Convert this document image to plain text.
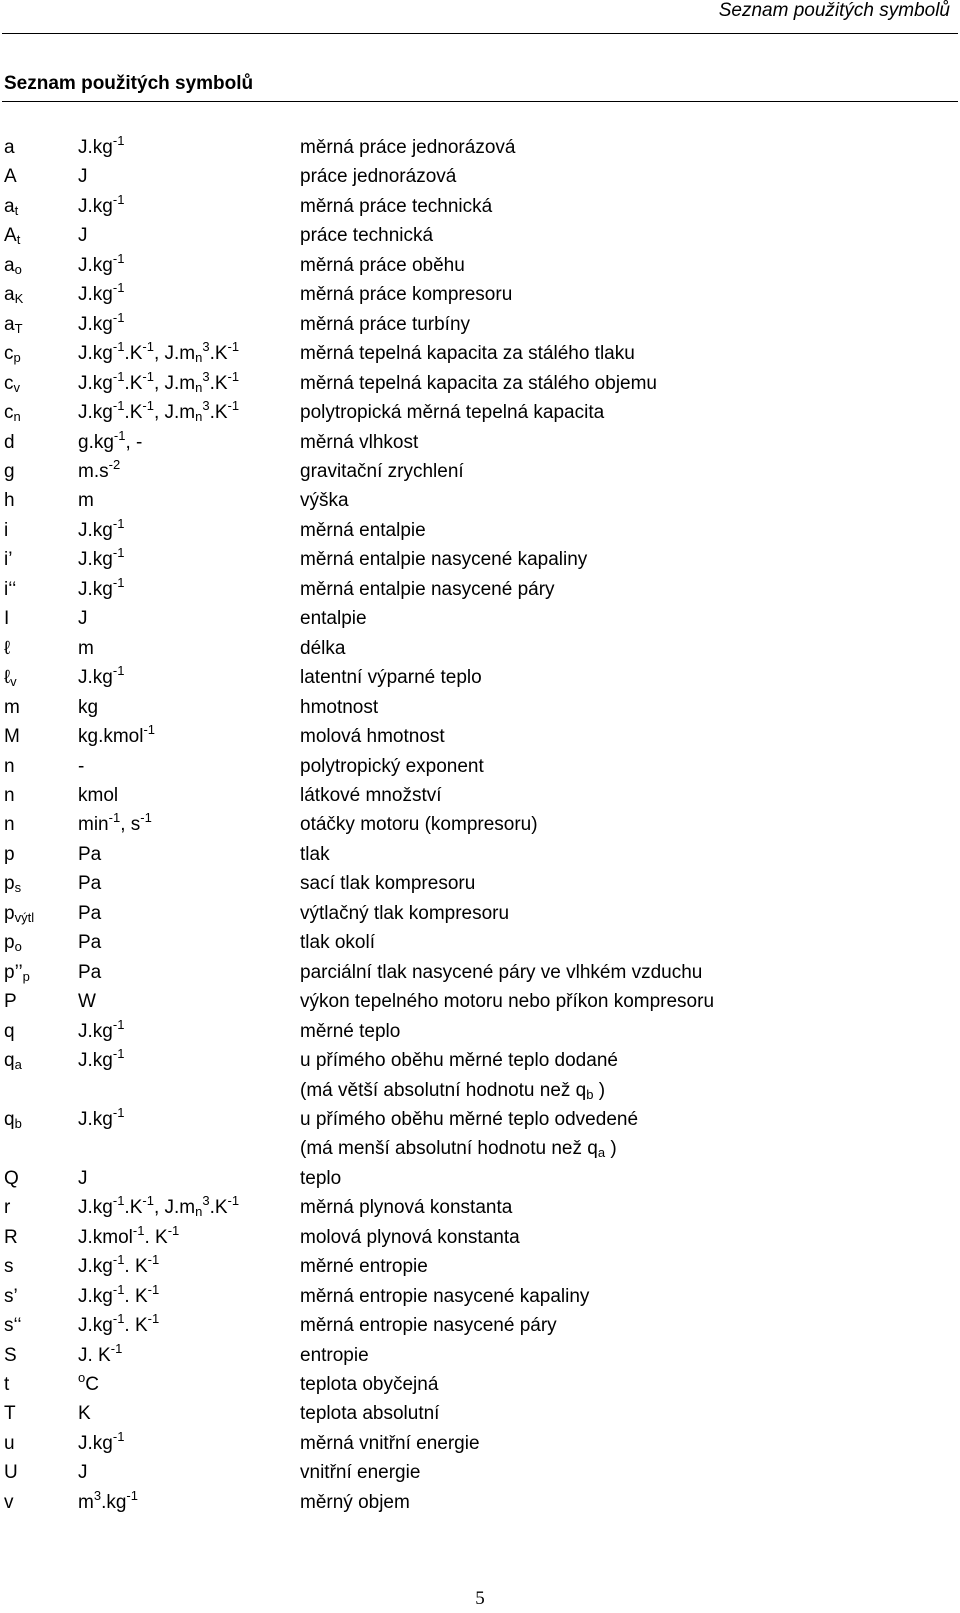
Seznam použitých symbolů
Seznam použitých symbolů
a	$J.kg^{-1}$	měrná práce jednorázová
A	J	práce jednorázová
$a_t$	$J.kg^{-1}$	měrná práce technická
$A_t$	J	práce technická
$a_o$	$J.kg^{-1}$	měrná práce oběhu
$a_K$	$J.kg^{-1}$	měrná práce kompresoru
$a_T$	$J.kg^{-1}$	měrná práce turbíny
$c_p$	$J.kg^{-1}.K^{-1}$, $J.m_n^3.K^{-1}$	měrná tepelná kapacita za stálého tlaku
$c_v$	$J.kg^{-1}.K^{-1}$, $J.m_n^3.K^{-1}$	měrná tepelná kapacita za stálého objemu
$c_n$	$J.kg^{-1}.K^{-1}$, $J.m_n^3.K^{-1}$	polytropická měrná tepelná kapacita
d	$g.kg^{-1}$, -	měrná vlhkost
g	$m.s^{-2}$	gravitační zrychlení
h	m	výška
i	$J.kg^{-1}$	měrná entalpie
i’	$J.kg^{-1}$	měrná entalpie nasycené kapaliny
i‘‘	$J.kg^{-1}$	měrná entalpie nasycené páry
I	J	entalpie
ℓ	m	délka
ℓ$_v$	$J.kg^{-1}$	latentní výparné teplo
m	kg	hmotnost
M	kg.kmol$^{-1}$	molová hmotnost
n	-	polytropický exponent
n	kmol	látkové množství
n	$\min^{-1}$, $s^{-1}$	otáčky motoru (kompresoru)
p	Pa	tlak
$p_s$	Pa	sací tlak kompresoru
$p_{výtl}$ Pa	výtlačný tlak kompresoru
$p_o$	Pa	tlak okolí
$p’’_p$	Pa	parciální tlak nasycené páry ve vlhkém vzduchu
P	W	výkon tepelného motoru nebo příkon kompresoru
q	$J.kg^{-1}$	měrné teplo
$q_a$	$J.kg^{-1}$	u přímého oběhu měrné teplo dodané
(má větší absolutní hodnotu než $q_b$ )
$q_b$	$J.kg^{-1}$	u přímého oběhu měrné teplo odvedené
(má menší absolutní hodnotu než $q_a$ )
Q	J	teplo
r	$J.kg^{-1}.K^{-1}$, $J.m_n^3.K^{-1}$	měrná plynová konstanta
R	J.kmol$^{-1}$. $K^{-1}$	molová plynová konstanta
s	$J.kg^{-1}$. $K^{-1}$	měrné entropie
s’	$J.kg^{-1}$. $K^{-1}$	měrná entropie nasycené kapaliny
s‘‘	$J.kg^{-1}$. $K^{-1}$	měrná entropie nasycené páry
S	J. $K^{-1}$	entropie
t	$^o$C	teplota obyčejná
T	K	teplota absolutní
u	$J.kg^{-1}$	měrná vnitřní energie
U	J	vnitřní energie
v	$m^3.kg^{-1}$	měrný objem
5
